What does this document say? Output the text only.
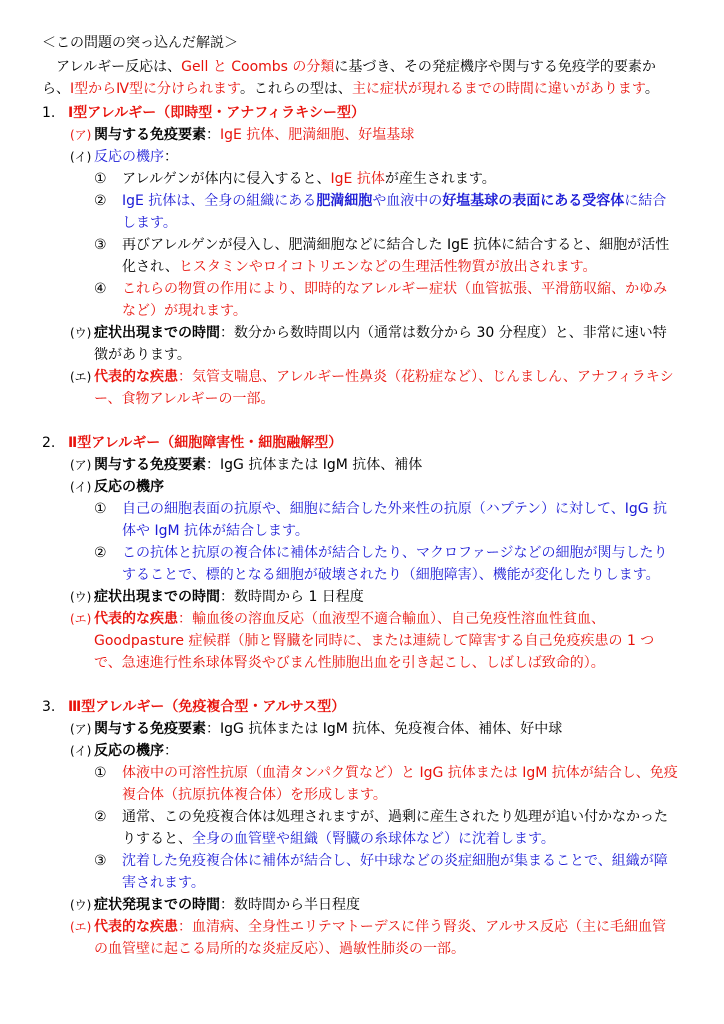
＜この問題の突っ込んだ解説＞

アレルギー反応は、Gell と Coombs の分類に基づき、その発症機序や関与する免疫学的要素から、Ⅰ型からⅣ型に分けられます。これらの型は、主に症状が現れるまでの時間に違いがあります。

1. Ⅰ型アレルギー（即時型・アナフィラキシー型）

(ア) 関与する免疫要素：IgE 抗体、肥満細胞、好塩基球

(イ) 反応の機序：

① アレルゲンが体内に侵入すると、IgE 抗体が産生されます。

② IgE 抗体は、全身の組織にある肥満細胞や血液中の好塩基球の表面にある受容体に結合します。

③ 再びアレルゲンが侵入し、肥満細胞などに結合した IgE 抗体に結合すると、細胞が活性化され、ヒスタミンやロイコトリエンなどの生理活性物質が放出されます。

④ これらの物質の作用により、即時的なアレルギー症状（血管拡張、平滑筋収縮、かゆみなど）が現れます。

(ウ) 症状出現までの時間：数分から数時間以内（通常は数分から 30 分程度）と、非常に速い特徴があります。

(エ) 代表的な疾患：気管支喘息、アレルギー性鼻炎（花粉症など）、じんましん、アナフィラキシー、食物アレルギーの一部。

2. Ⅱ型アレルギー（細胞障害性・細胞融解型）

(ア) 関与する免疫要素：IgG 抗体または IgM 抗体、補体

(イ) 反応の機序

① 自己の細胞表面の抗原や、細胞に結合した外来性の抗原（ハプテン）に対して、IgG 抗体や IgM 抗体が結合します。

② この抗体と抗原の複合体に補体が結合したり、マクロファージなどの細胞が関与したりすることで、標的となる細胞が破壊されたり（細胞障害）、機能が変化したりします。

(ウ) 症状出現までの時間：数時間から 1 日程度

(エ) 代表的な疾患：輸血後の溶血反応（血液型不適合輸血）、自己免疫性溶血性貧血、Goodpasture 症候群（肺と腎臓を同時に、または連続して障害する自己免疫疾患の 1 つで、急速進行性糸球体腎炎やびまん性肺胞出血を引き起こし、しばしば致命的）。

3. Ⅲ型アレルギー（免疫複合型・アルサス型）

(ア) 関与する免疫要素：IgG 抗体または IgM 抗体、免疫複合体、補体、好中球

(イ) 反応の機序：

① 体液中の可溶性抗原（血清タンパク質など）と IgG 抗体または IgM 抗体が結合し、免疫複合体（抗原抗体複合体）を形成します。

② 通常、この免疫複合体は処理されますが、過剰に産生されたり処理が追い付かなかったりすると、全身の血管壁や組織（腎臓の糸球体など）に沈着します。

③ 沈着した免疫複合体に補体が結合し、好中球などの炎症細胞が集まることで、組織が障害されます。

(ウ) 症状発現までの時間：数時間から半日程度

(エ) 代表的な疾患：血清病、全身性エリテマトーデスに伴う腎炎、アルサス反応（主に毛細血管の血管壁に起こる局所的な炎症反応）、過敏性肺炎の一部。
